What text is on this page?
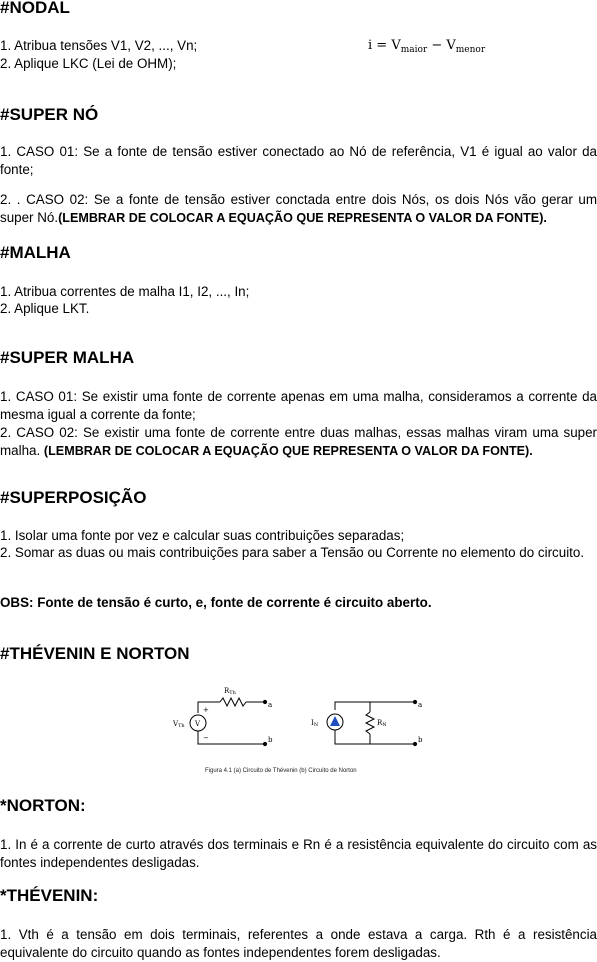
#NODAL

1. Atribua tensões V1, V2, ..., Vn;

2. Aplique LKC (Lei de OHM);

$i = V_{maior} - V_{menor}$
#SUPER NÓ

1. CASO 01: Se a fonte de tensão estiver conectado ao Nó de referência, V1 é igual ao valor da fonte;

2. . CASO 02: Se a fonte de tensão estiver conctada entre dois Nós, os dois Nós vão gerar um super Nó.(LEMBRAR DE COLOCAR A EQUAÇÃO QUE REPRESENTA O VALOR DA FONTE).

#MALHA

1. Atribua correntes de malha I1, I2, ..., In;

2. Aplique LKT.

#SUPER MALHA

1. CASO 01: Se existir uma fonte de corrente apenas em uma malha, consideramos a corrente da mesma igual a corrente da fonte;

2. CASO 02: Se existir uma fonte de corrente entre duas malhas, essas malhas viram uma super malha. (LEMBRAR DE COLOCAR A EQUAÇÃO QUE REPRESENTA O VALOR DA FONTE).

#SUPERPOSIÇÃO

1. Isolar uma fonte por vez e calcular suas contribuições separadas;

2. Somar as duas ou mais contribuições para saber a Tensão ou Corrente no elemento do circuito.

OBS: Fonte de tensão é curto, e, fonte de corrente é circuito aberto.

#THÉVENIN E NORTON
RTh
VTh V
+
−
a
b
IN	RN
a
b
Figura 4.1 (a) Circuito de Thévenin (b) Circuito de Norton
*NORTON:

1. In é a corrente de curto através dos terminais e Rn é a resistência equivalente do circuito com as fontes independentes desligadas.

*THÉVENIN:

1. Vth é a tensão em dois terminais, referentes a onde estava a carga. Rth é a resistência equivalente do circuito quando as fontes independentes forem desligadas.
